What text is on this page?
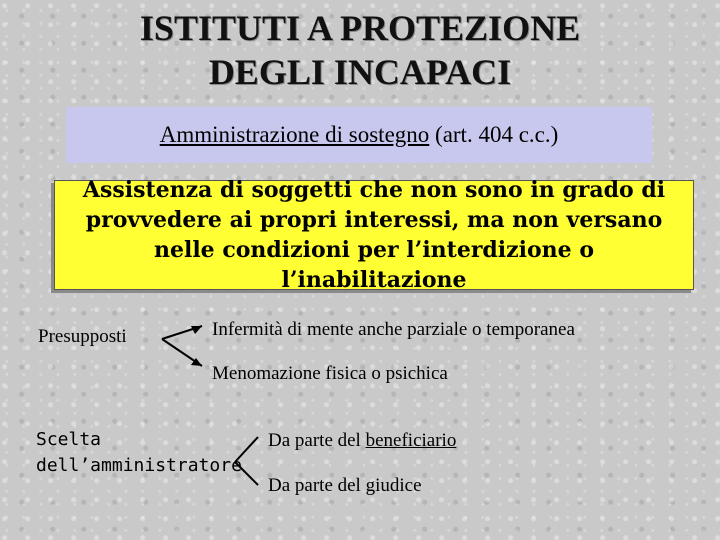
ISTITUTI A PROTEZIONE
DEGLI INCAPACI
Amministrazione di sostegno
(art. 404 c.c.)
Assistenza di soggetti che non sono in grado di
provvedere ai propri interessi, ma non versano
nelle condizioni per l’interdizione o l’inabilitazione
Presupposti	Infermità di mente anche parziale o temporanea
Menomazione fisica o psichica
Scelta
dell’amministratore
Da parte del beneficiario
Da parte del giudice
